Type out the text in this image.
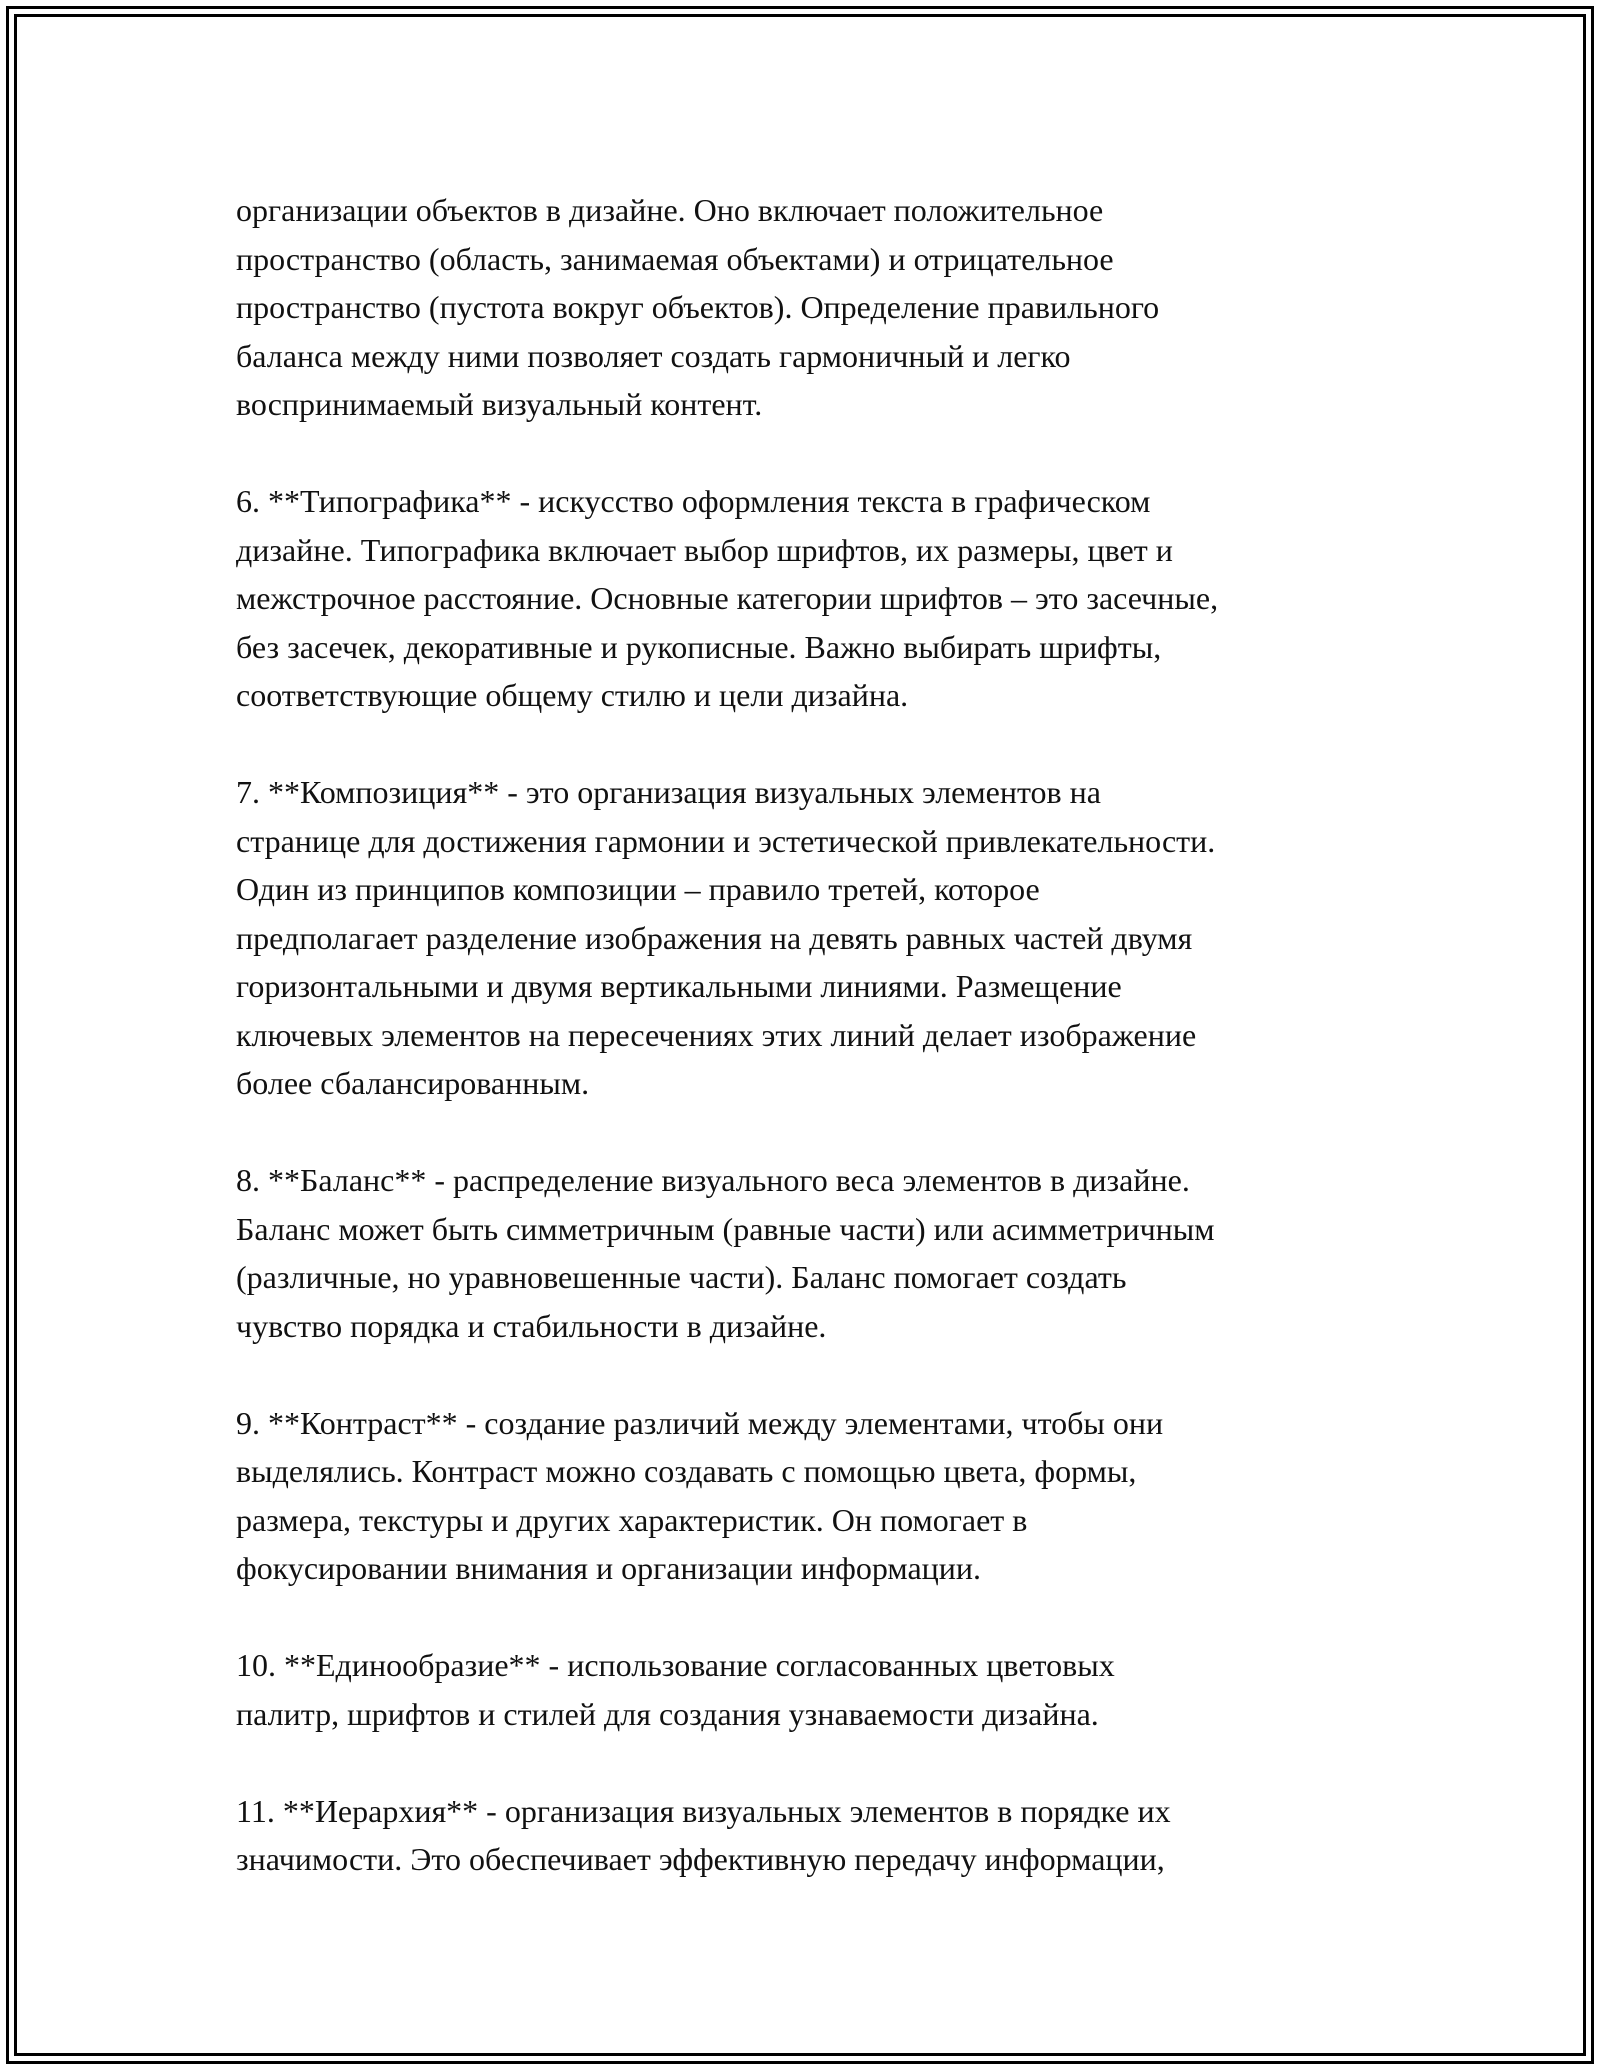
организации объектов в дизайне. Оно включает положительное
пространство (область, занимаемая объектами) и отрицательное
пространство (пустота вокруг объектов). Определение правильного
баланса между ними позволяет создать гармоничный и легко
воспринимаемый визуальный контент.

6. **Типографика** - искусство оформления текста в графическом
дизайне. Типографика включает выбор шрифтов, их размеры, цвет и
межстрочное расстояние. Основные категории шрифтов – это засечные,
без засечек, декоративные и рукописные. Важно выбирать шрифты,
соответствующие общему стилю и цели дизайна.

7. **Композиция** - это организация визуальных элементов на
странице для достижения гармонии и эстетической привлекательности.
Один из принципов композиции – правило третей, которое
предполагает разделение изображения на девять равных частей двумя
горизонтальными и двумя вертикальными линиями. Размещение
ключевых элементов на пересечениях этих линий делает изображение
более сбалансированным.

8. **Баланс** - распределение визуального веса элементов в дизайне.
Баланс может быть симметричным (равные части) или асимметричным
(различные, но уравновешенные части). Баланс помогает создать
чувство порядка и стабильности в дизайне.

9. **Контраст** - создание различий между элементами, чтобы они
выделялись. Контраст можно создавать с помощью цвета, формы,
размера, текстуры и других характеристик. Он помогает в
фокусировании внимания и организации информации.

10. **Единообразие** - использование согласованных цветовых
палитр, шрифтов и стилей для создания узнаваемости дизайна.

11. **Иерархия** - организация визуальных элементов в порядке их
значимости. Это обеспечивает эффективную передачу информации,
